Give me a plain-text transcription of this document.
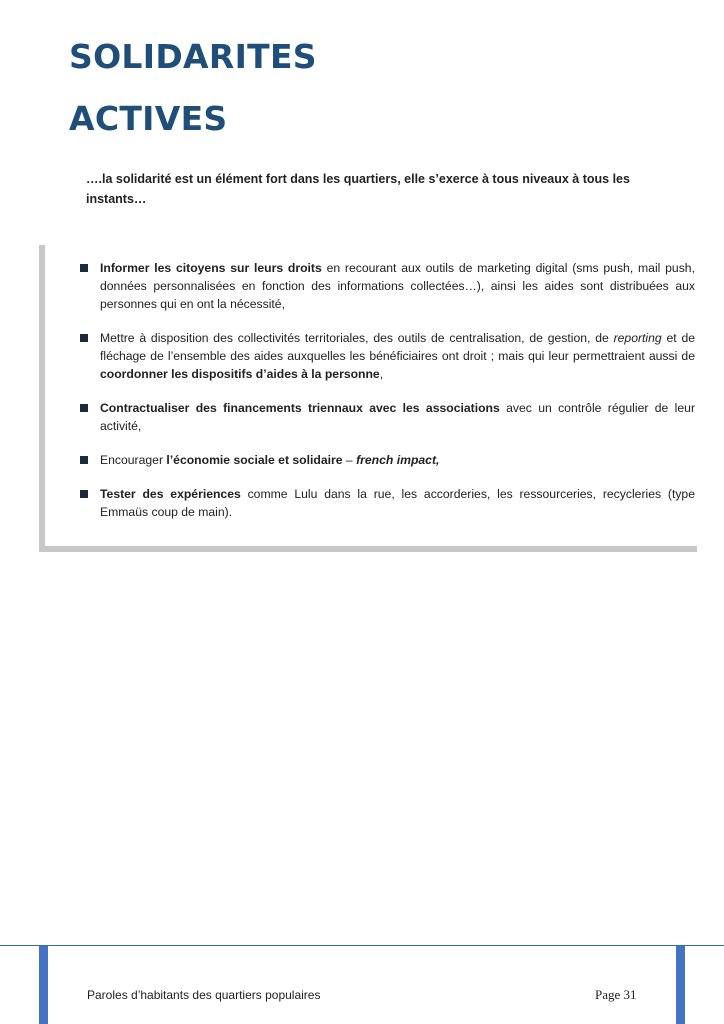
SOLIDARITES
ACTIVES

….la solidarité est un élément fort dans les quartiers, elle s’exerce à tous niveaux à tous les instants…

Informer les citoyens sur leurs droits en recourant aux outils de marketing digital (sms push, mail push, données personnalisées en fonction des informations collectées…), ainsi les aides sont distribuées aux personnes qui en ont la nécessité,
Mettre à disposition des collectivités territoriales, des outils de centralisation, de gestion, de reporting et de fléchage de l’ensemble des aides auxquelles les bénéficiaires ont droit ; mais qui leur permettraient aussi de coordonner les dispositifs d’aides à la personne,
Contractualiser des financements triennaux avec les associations avec un contrôle régulier de leur activité,
Encourager l’économie sociale et solidaire – french impact,
Tester des expériences comme Lulu dans la rue, les accorderies, les ressourceries, recycleries (type Emmaüs coup de main).
Paroles d’habitants des quartiers populaires	Page 31
